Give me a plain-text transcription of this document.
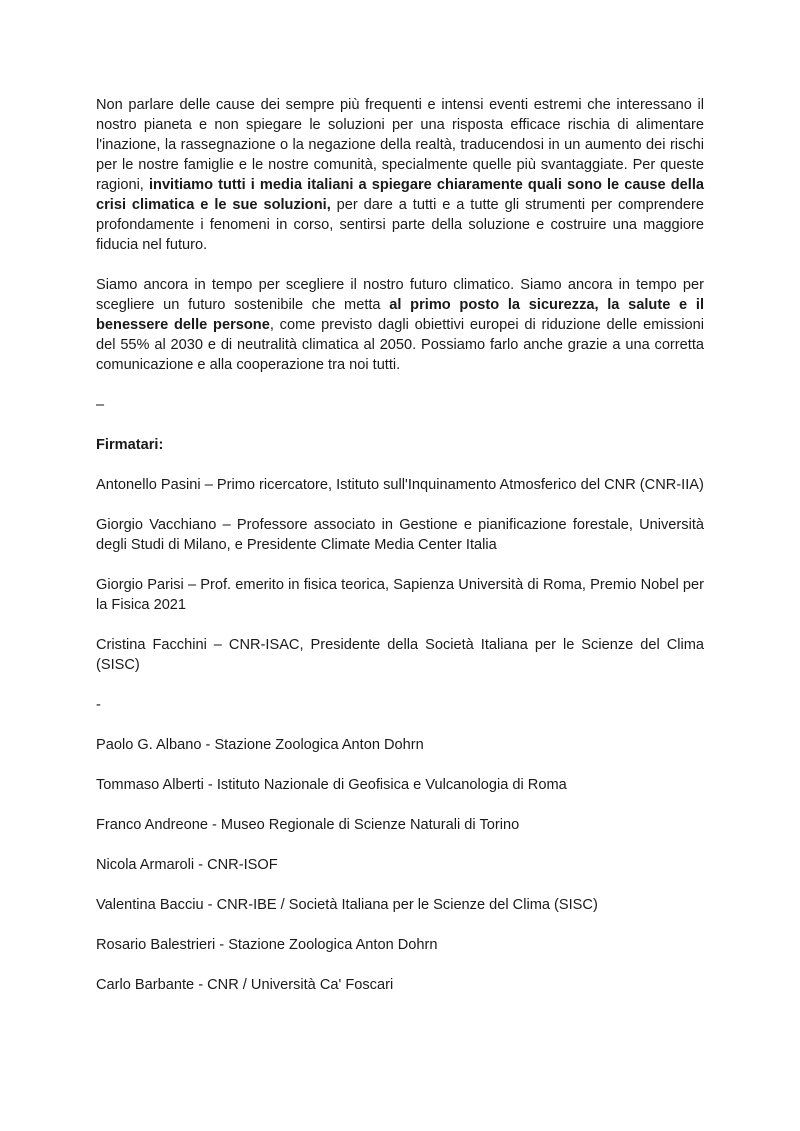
Non parlare delle cause dei sempre più frequenti e intensi eventi estremi che interessano il nostro pianeta e non spiegare le soluzioni per una risposta efficace rischia di alimentare l'inazione, la rassegnazione o la negazione della realtà, traducendosi in un aumento dei rischi per le nostre famiglie e le nostre comunità, specialmente quelle più svantaggiate. Per queste ragioni, invitiamo tutti i media italiani a spiegare chiaramente quali sono le cause della crisi climatica e le sue soluzioni, per dare a tutti e a tutte gli strumenti per comprendere profondamente i fenomeni in corso, sentirsi parte della soluzione e costruire una maggiore fiducia nel futuro.

Siamo ancora in tempo per scegliere il nostro futuro climatico. Siamo ancora in tempo per scegliere un futuro sostenibile che metta al primo posto la sicurezza, la salute e il benessere delle persone, come previsto dagli obiettivi europei di riduzione delle emissioni del 55% al 2030 e di neutralità climatica al 2050. Possiamo farlo anche grazie a una corretta comunicazione e alla cooperazione tra noi tutti.

–

Firmatari:

Antonello Pasini – Primo ricercatore, Istituto sull'Inquinamento Atmosferico del CNR (CNR-IIA)

Giorgio Vacchiano – Professore associato in Gestione e pianificazione forestale, Università degli Studi di Milano, e Presidente Climate Media Center Italia

Giorgio Parisi – Prof. emerito in fisica teorica, Sapienza Università di Roma, Premio Nobel per la Fisica 2021

Cristina Facchini – CNR-ISAC, Presidente della Società Italiana per le Scienze del Clima (SISC)

-

Paolo G. Albano - Stazione Zoologica Anton Dohrn

Tommaso Alberti - Istituto Nazionale di Geofisica e Vulcanologia di Roma

Franco Andreone - Museo Regionale di Scienze Naturali di Torino

Nicola Armaroli - CNR-ISOF

Valentina Bacciu - CNR-IBE / Società Italiana per le Scienze del Clima (SISC)

Rosario Balestrieri - Stazione Zoologica Anton Dohrn

Carlo Barbante - CNR / Università Ca' Foscari
